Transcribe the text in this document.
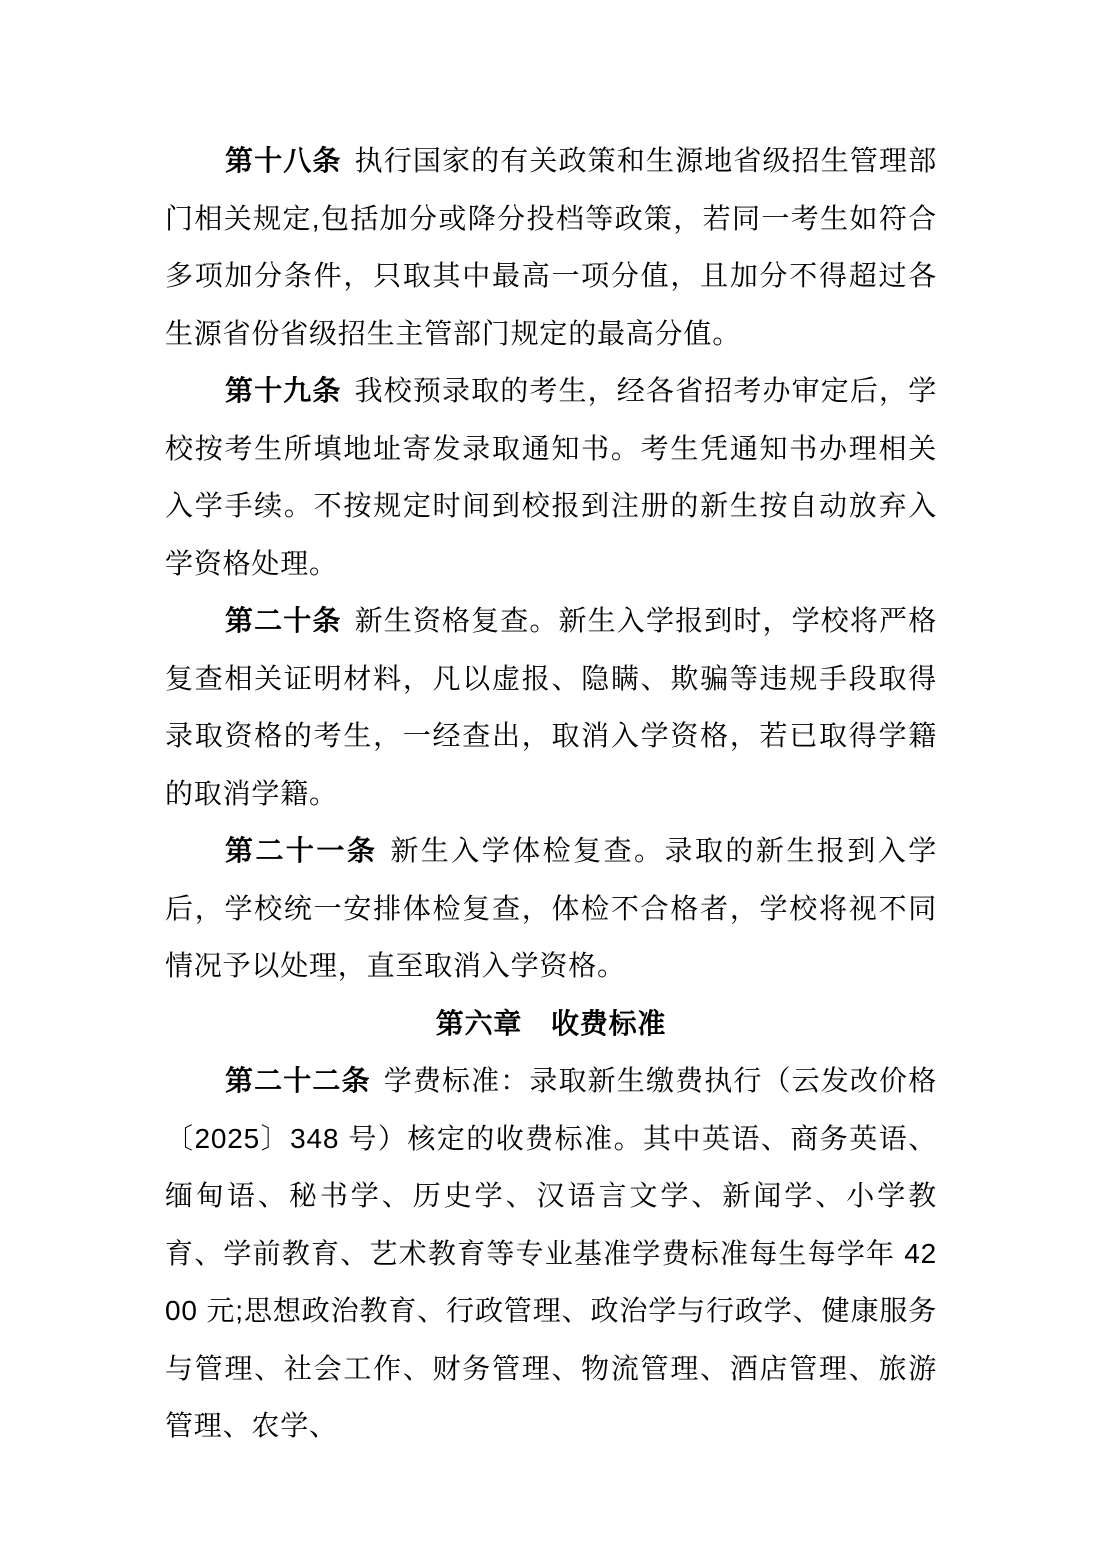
第十八条 执行国家的有关政策和生源地省级招生管理部门相关规定,包括加分或降分投档等政策，若同一考生如符合多项加分条件，只取其中最高一项分值，且加分不得超过各生源省份省级招生主管部门规定的最高分值。

第十九条 我校预录取的考生，经各省招考办审定后，学校按考生所填地址寄发录取通知书。考生凭通知书办理相关入学手续。不按规定时间到校报到注册的新生按自动放弃入学资格处理。

第二十条 新生资格复查。新生入学报到时，学校将严格复查相关证明材料，凡以虚报、隐瞒、欺骗等违规手段取得录取资格的考生，一经查出，取消入学资格，若已取得学籍的取消学籍。

第二十一条 新生入学体检复查。录取的新生报到入学后，学校统一安排体检复查，体检不合格者，学校将视不同情况予以处理，直至取消入学资格。

第六章　收费标准

第二十二条 学费标准：录取新生缴费执行（云发改价格〔2025〕348 号）核定的收费标准。其中英语、商务英语、缅甸语、秘书学、历史学、汉语言文学、新闻学、小学教育、学前教育、艺术教育等专业基准学费标准每生每学年 4200 元;思想政治教育、行政管理、政治学与行政学、健康服务与管理、社会工作、财务管理、物流管理、酒店管理、旅游管理、农学、
